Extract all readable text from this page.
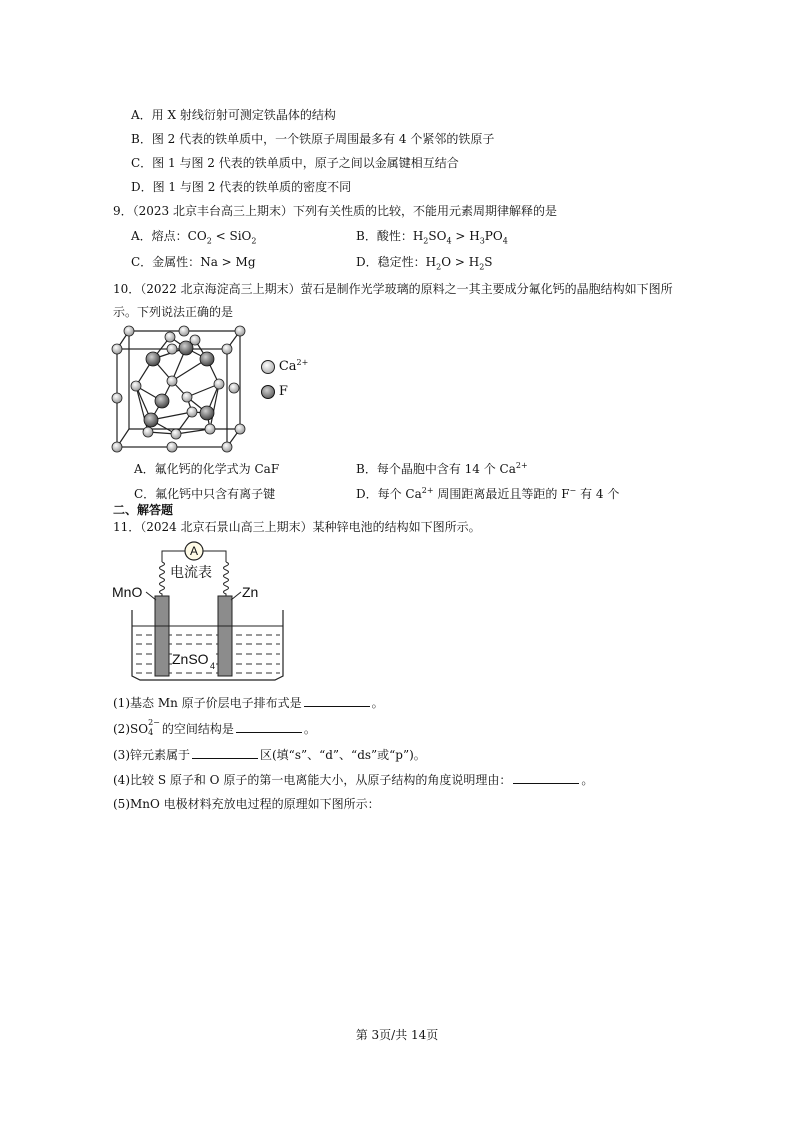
A．用 X 射线衍射可测定铁晶体的结构
B．图 2 代表的铁单质中，一个铁原子周围最多有 4 个紧邻的铁原子
C．图 1 与图 2 代表的铁单质中，原子之间以金属键相互结合
D．图 1 与图 2 代表的铁单质的密度不同
9．（2023 北京丰台高三上期末）下列有关性质的比较，不能用元素周期律解释的是
A．熔点：$CO_2 < SiO_2$	B．酸性：$H_2SO_4 > H_3PO_4$
C．金属性：Na > Mg	D．稳定性：$H_2O > H_2S$
10．（2022 北京海淀高三上期末）萤石是制作光学玻璃的原料之一其主要成分氟化钙的晶胞结构如下图所
示。下列说法正确的是
$Ca^{2+}$
F
A．氟化钙的化学式为 CaF	B．每个晶胞中含有 14 个 $Ca^{2+}$
C．氟化钙中只含有离子键	D．每个 $Ca^{2+}$ 周围距离最近且等距的 F− 有 4 个
二、解答题
11．（2024 北京石景山高三上期末）某种锌电池的结构如下图所示。
A
电流表
MnO	Zn
ZnSO 4
(1)基态 Mn 原子价层电子排布式是	。
(2)SO 2−
4 的空间结构是	。
(3)锌元素属于	区(填“s”、“d”、“ds”或“p”)。
(4)比较 S 原子和 O 原子的第一电离能大小，从原子结构的角度说明理由：	。
(5)MnO 电极材料充放电过程的原理如下图所示：
第 3页/共 14页
